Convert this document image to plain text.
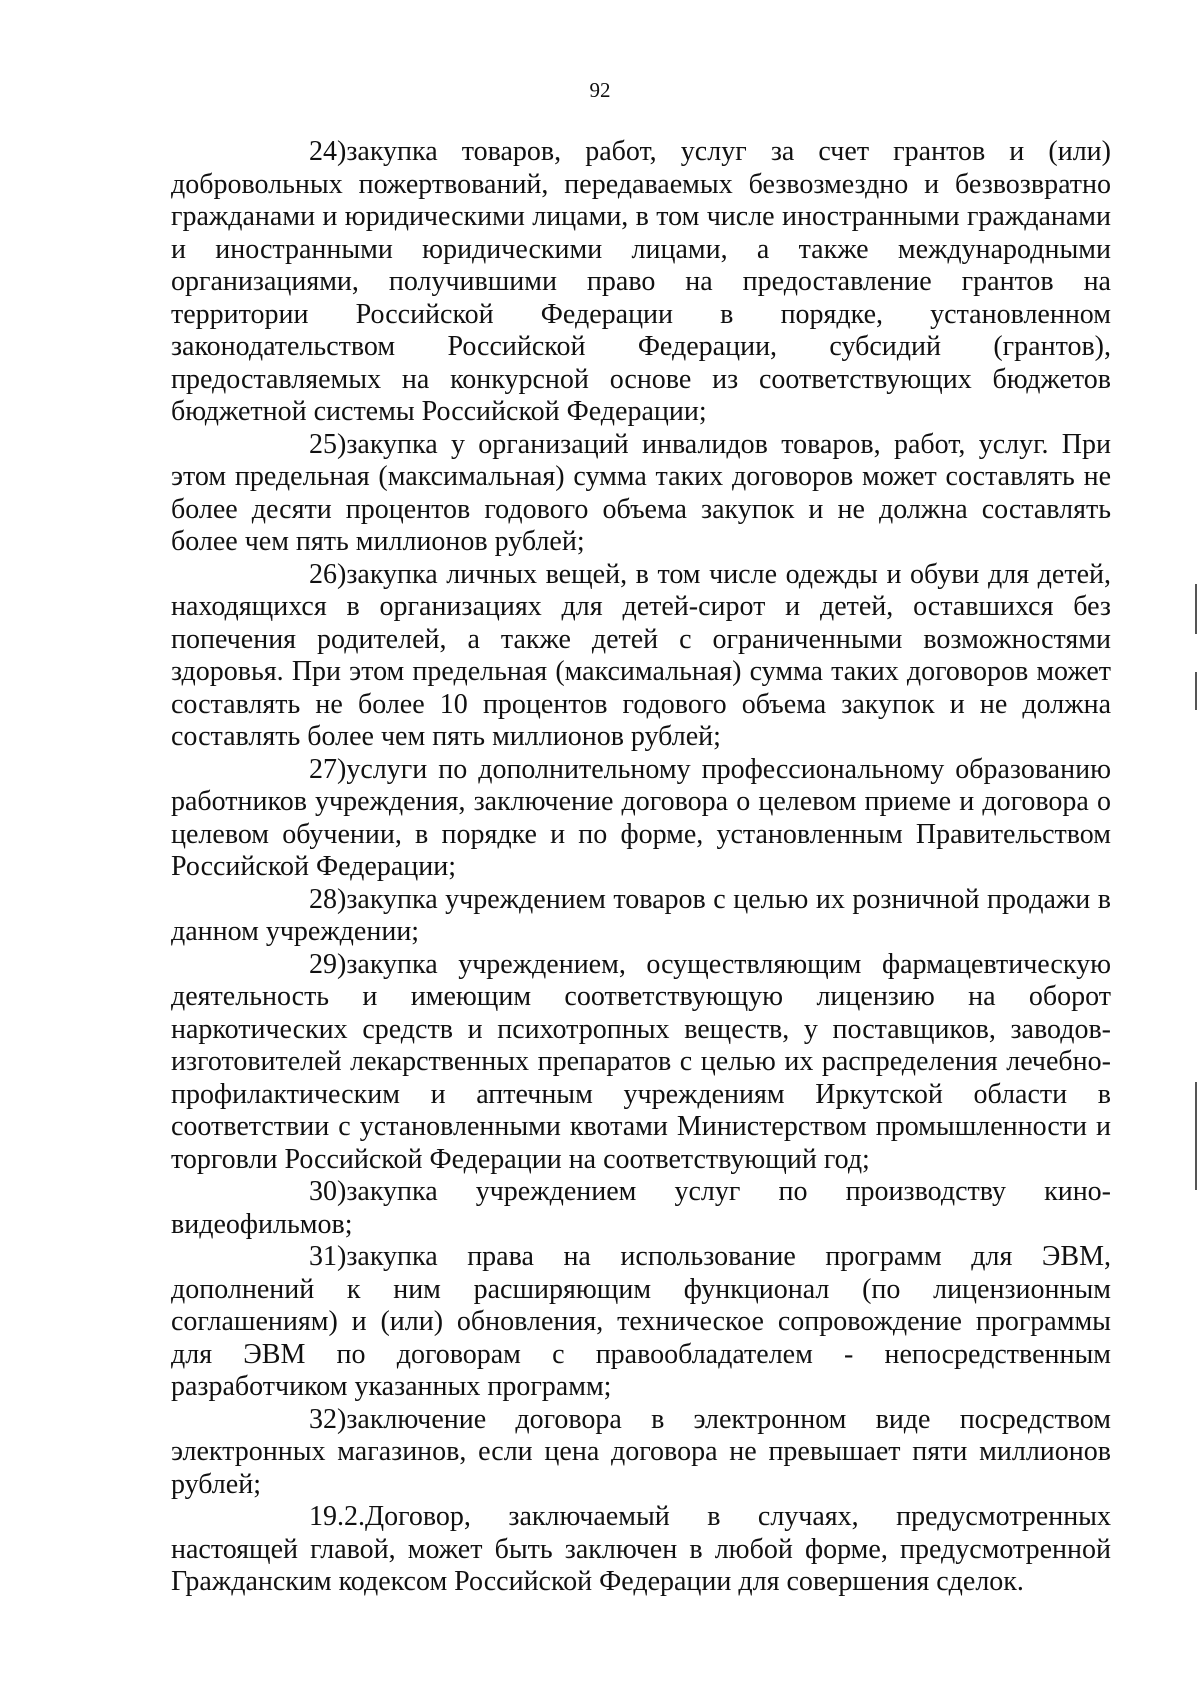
92

24)закупка товаров, работ, услуг за счет грантов и (или) добровольных пожертвований, передаваемых безвозмездно и безвозвратно гражданами и юридическими лицами, в том числе иностранными гражданами и иностранными юридическими лицами, а также международными организациями, получившими право на предоставление грантов на территории Российской Федерации в порядке, установленном законодательством Российской Федерации, субсидий (грантов), предоставляемых на конкурсной основе из соответствующих бюджетов бюджетной системы Российской Федерации;

25)закупка у организаций инвалидов товаров, работ, услуг. При этом предельная (максимальная) сумма таких договоров может составлять не более десяти процентов годового объема закупок и не должна составлять более чем пять миллионов рублей;

26)закупка личных вещей, в том числе одежды и обуви для детей, находящихся в организациях для детей-сирот и детей, оставшихся без попечения родителей, а также детей с ограниченными возможностями здоровья. При этом предельная (максимальная) сумма таких договоров может составлять не более 10 процентов годового объема закупок и не должна составлять более чем пять миллионов рублей;

27)услуги по дополнительному профессиональному образованию работников учреждения, заключение договора о целевом приеме и договора о целевом обучении, в порядке и по форме, установленным Правительством Российской Федерации;

28)закупка учреждением товаров с целью их розничной продажи в данном учреждении;

29)закупка учреждением, осуществляющим фармацевтическую деятельность и имеющим соответствующую лицензию на оборот наркотических средств и психотропных веществ, у поставщиков, заводов-изготовителей лекарственных препаратов с целью их распределения лечебно-профилактическим и аптечным учреждениям Иркутской области в соответствии с установленными квотами Министерством промышленности и торговли Российской Федерации на соответствующий год;

30)закупка учреждением услуг по производству кино-видеофильмов;

31)закупка права на использование программ для ЭВМ, дополнений к ним расширяющим функционал (по лицензионным соглашениям) и (или) обновления, техническое сопровождение программы для ЭВМ по договорам с правообладателем - непосредственным разработчиком указанных программ;

32)заключение договора в электронном виде посредством электронных магазинов, если цена договора не превышает пяти миллионов рублей;

19.2.Договор, заключаемый в случаях, предусмотренных настоящей главой, может быть заключен в любой форме, предусмотренной Гражданским кодексом Российской Федерации для совершения сделок.
